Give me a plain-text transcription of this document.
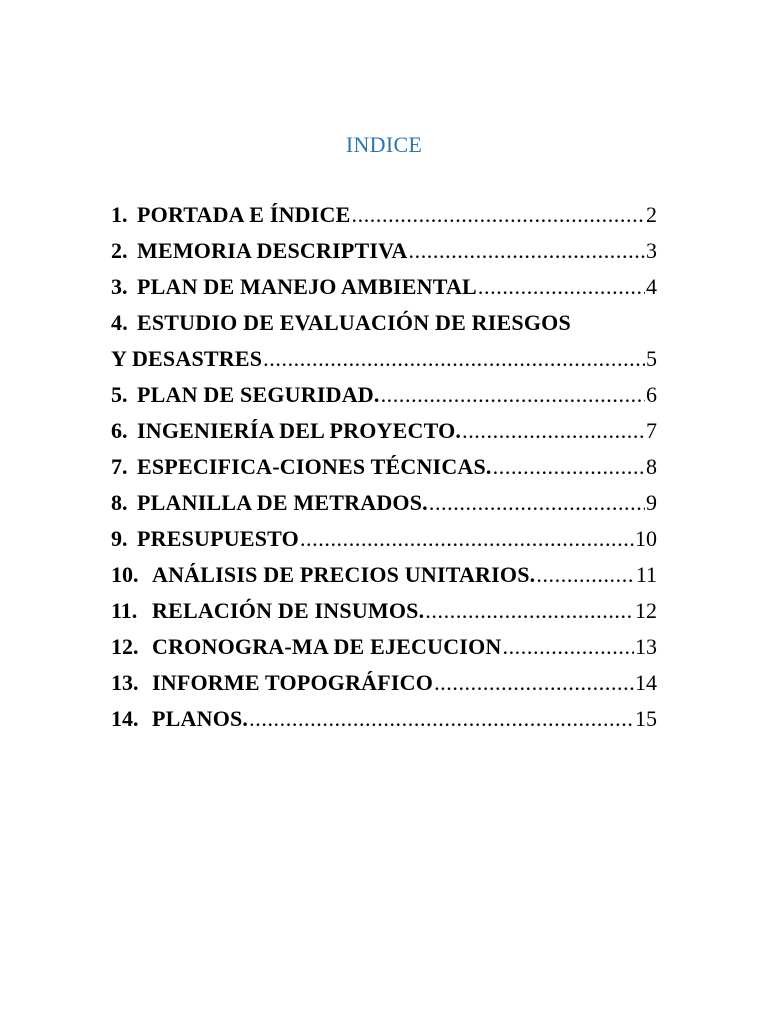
INDICE
1. PORTADA E ÍNDICE .....	2
2. MEMORIA DESCRIPTIVA .....	3
3. PLAN DE MANEJO AMBIENTAL .....	4
4. ESTUDIO DE EVALUACIÓN DE RIESGOS
Y DESASTRES .....	5
5. PLAN DE SEGURIDAD. .....	6
6. INGENIERÍA DEL PROYECTO. .....	7
7. ESPECIFICA-CIONES TÉCNICAS. .....	8
8. PLANILLA DE METRADOS. .....	9
9. PRESUPUESTO .....	10
10. ANÁLISIS DE PRECIOS UNITARIOS. .....	11
11. RELACIÓN DE INSUMOS. .....	12
12. CRONOGRA-MA DE EJECUCION .....	13
13. INFORME TOPOGRÁFICO .....	14
14. PLANOS. .....	15
